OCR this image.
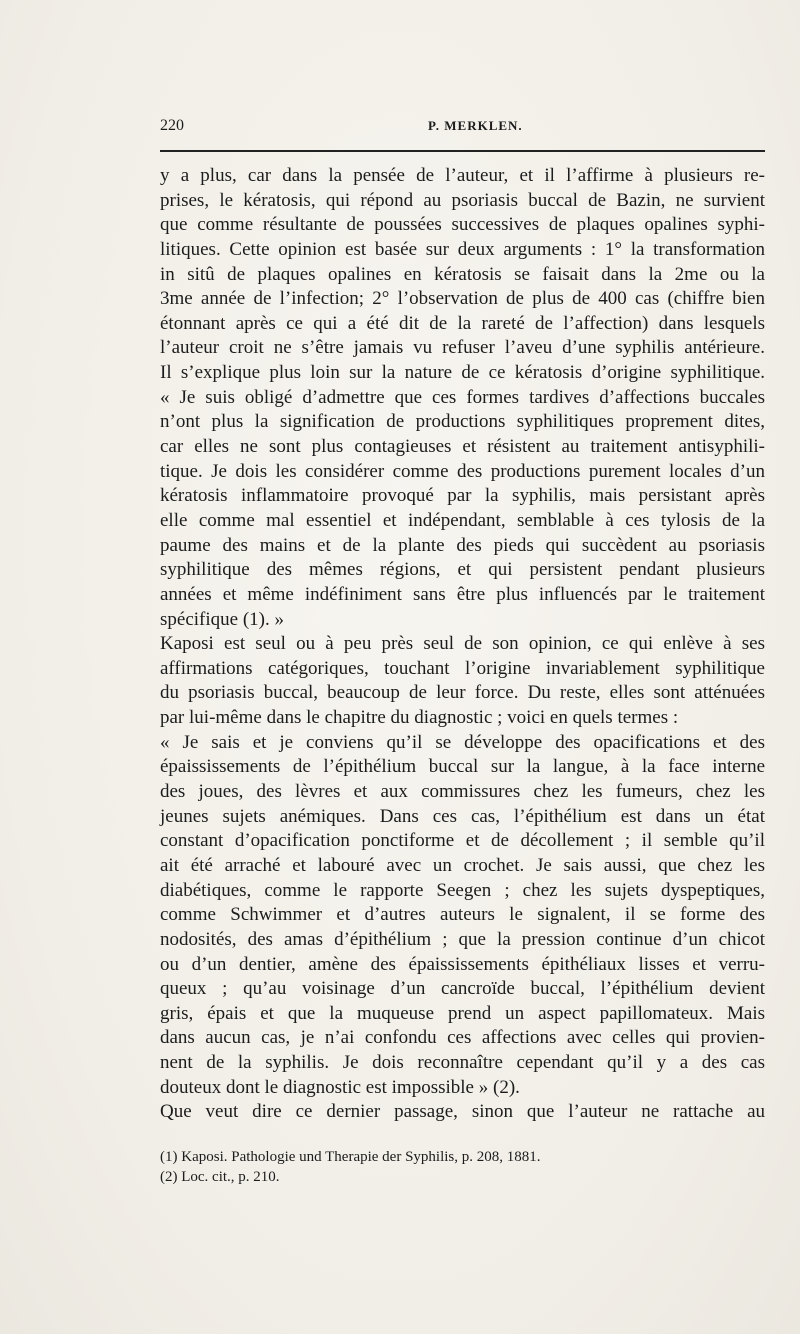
220	P. MERKLEN.
y a plus, car dans la pensée de l’auteur, et il l’affirme à plusieurs re-
prises, le kératosis, qui répond au psoriasis buccal de Bazin, ne survient
que comme résultante de poussées successives de plaques opalines syphi-
litiques. Cette opinion est basée sur deux arguments : 1° la transformation
in sitû de plaques opalines en kératosis se faisait dans la 2me ou la
3me année de l’infection; 2° l’observation de plus de 400 cas (chiffre bien
étonnant après ce qui a été dit de la rareté de l’affection) dans lesquels
l’auteur croit ne s’être jamais vu refuser l’aveu d’une syphilis antérieure.
Il s’explique plus loin sur la nature de ce kératosis d’origine syphilitique.
« Je suis obligé d’admettre que ces formes tardives d’affections buccales
n’ont plus la signification de productions syphilitiques proprement dites,
car elles ne sont plus contagieuses et résistent au traitement antisyphili-
tique. Je dois les considérer comme des productions purement locales d’un
kératosis inflammatoire provoqué par la syphilis, mais persistant après
elle comme mal essentiel et indépendant, semblable à ces tylosis de la
paume des mains et de la plante des pieds qui succèdent au psoriasis
syphilitique des mêmes régions, et qui persistent pendant plusieurs
années et même indéfiniment sans être plus influencés par le traitement
spécifique (1). »
Kaposi est seul ou à peu près seul de son opinion, ce qui enlève à ses
affirmations catégoriques, touchant l’origine invariablement syphilitique
du psoriasis buccal, beaucoup de leur force. Du reste, elles sont atténuées
par lui-même dans le chapitre du diagnostic ; voici en quels termes :
« Je sais et je conviens qu’il se développe des opacifications et des
épaississements de l’épithélium buccal sur la langue, à la face interne
des joues, des lèvres et aux commissures chez les fumeurs, chez les
jeunes sujets anémiques. Dans ces cas, l’épithélium est dans un état
constant d’opacification ponctiforme et de décollement ; il semble qu’il
ait été arraché et labouré avec un crochet. Je sais aussi, que chez les
diabétiques, comme le rapporte Seegen ; chez les sujets dyspeptiques,
comme Schwimmer et d’autres auteurs le signalent, il se forme des
nodosités, des amas d’épithélium ; que la pression continue d’un chicot
ou d’un dentier, amène des épaississements épithéliaux lisses et verru-
queux ; qu’au voisinage d’un cancroïde buccal, l’épithélium devient
gris, épais et que la muqueuse prend un aspect papillomateux. Mais
dans aucun cas, je n’ai confondu ces affections avec celles qui provien-
nent de la syphilis. Je dois reconnaître cependant qu’il y a des cas
douteux dont le diagnostic est impossible » (2).
Que veut dire ce dernier passage, sinon que l’auteur ne rattache au
(1) Kaposi. Pathologie und Therapie der Syphilis, p. 208, 1881.
(2) Loc. cit., p. 210.
